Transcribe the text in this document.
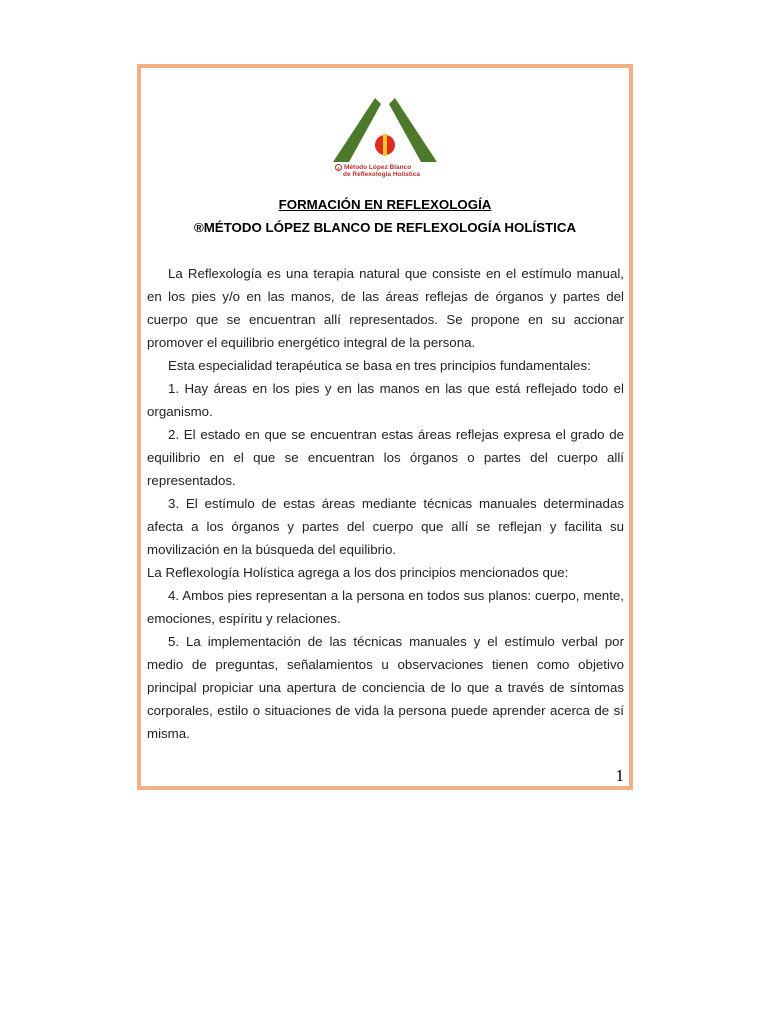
® Método López Blanco
de Reflexología Holística
FORMACIÓN EN REFLEXOLOGÍA
®MÉTODO LÓPEZ BLANCO DE REFLEXOLOGÍA HOLÍSTICA

La Reflexología es una terapia natural que consiste en el estímulo manual, en los pies y/o en las manos, de las áreas reflejas de órganos y partes del cuerpo que se encuentran allí representados. Se propone en su accionar promover el equilibrio energético integral de la persona.

Esta especialidad terapéutica se basa en tres principios fundamentales:

1. Hay áreas en los pies y en las manos en las que está reflejado todo el organismo.

2. El estado en que se encuentran estas áreas reflejas expresa el grado de equilibrio en el que se encuentran los órganos o partes del cuerpo allí representados.

3. El estímulo de estas áreas mediante técnicas manuales determinadas afecta a los órganos y partes del cuerpo que allí se reflejan y facilita su movilización en la búsqueda del equilibrio.

La Reflexología Holística agrega a los dos principios mencionados que:

4. Ambos pies representan a la persona en todos sus planos: cuerpo, mente, emociones, espíritu y relaciones.

5. La implementación de las técnicas manuales y el estímulo verbal por medio de preguntas, señalamientos u observaciones tienen como objetivo principal propiciar una apertura de conciencia de lo que a través de síntomas corporales, estilo o situaciones de vida la persona puede aprender acerca de sí misma.

1
